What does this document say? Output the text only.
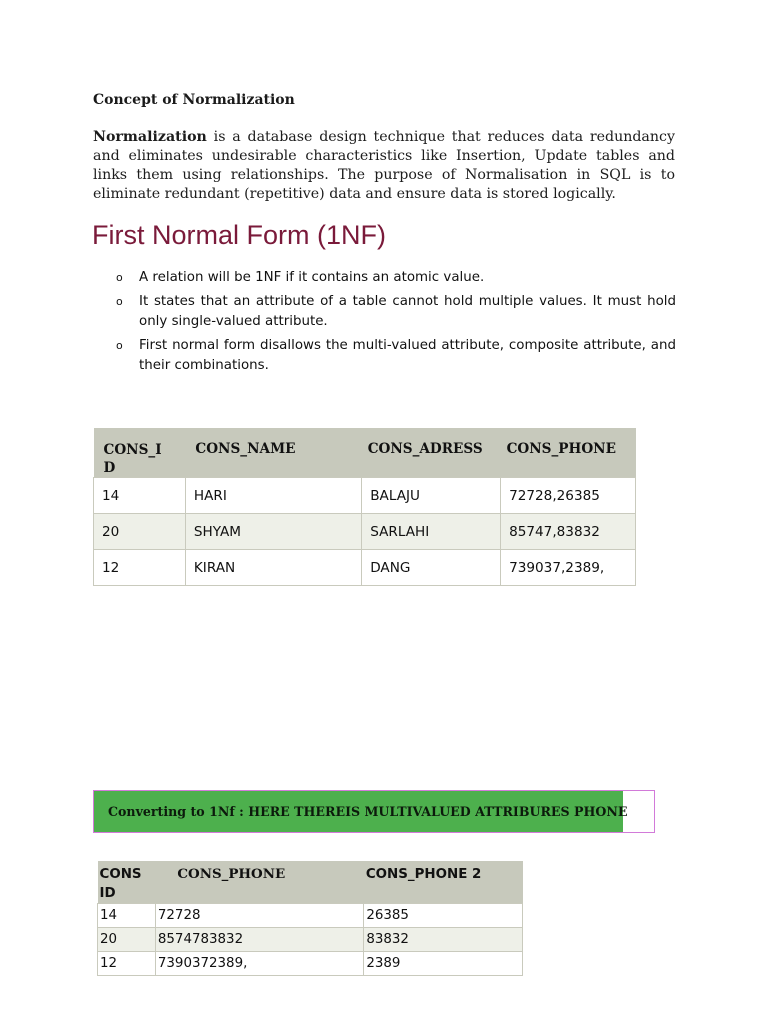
Concept of Normalization
Normalization is a database design technique that reduces data redundancy and eliminates undesirable characteristics like Insertion, Update tables and links them using relationships. The purpose of Normalisation in SQL is to eliminate redundant (repetitive) data and ensure data is stored logically.
First Normal Form (1NF)
o A relation will be 1NF if it contains an atomic value.
o It states that an attribute of a table cannot hold multiple values. It must hold only single-valued attribute.
o First normal form disallows the multi-valued attribute, composite attribute, and their combinations.
CONS_I D	CONS_NAME	CONS_ADRESS	CONS_PHONE
14	HARI	BALAJU	72728,26385
20	SHYAM	SARLAHI	85747,83832
12	KIRAN	DANG	739037,2389,
Converting to 1Nf : HERE THEREIS MULTIVALUED ATTRIBURES PHONE
CONS ID	CONS_PHONE	CONS_PHONE 2
14	72728	26385
20	8574783832	83832
12	7390372389,	2389
